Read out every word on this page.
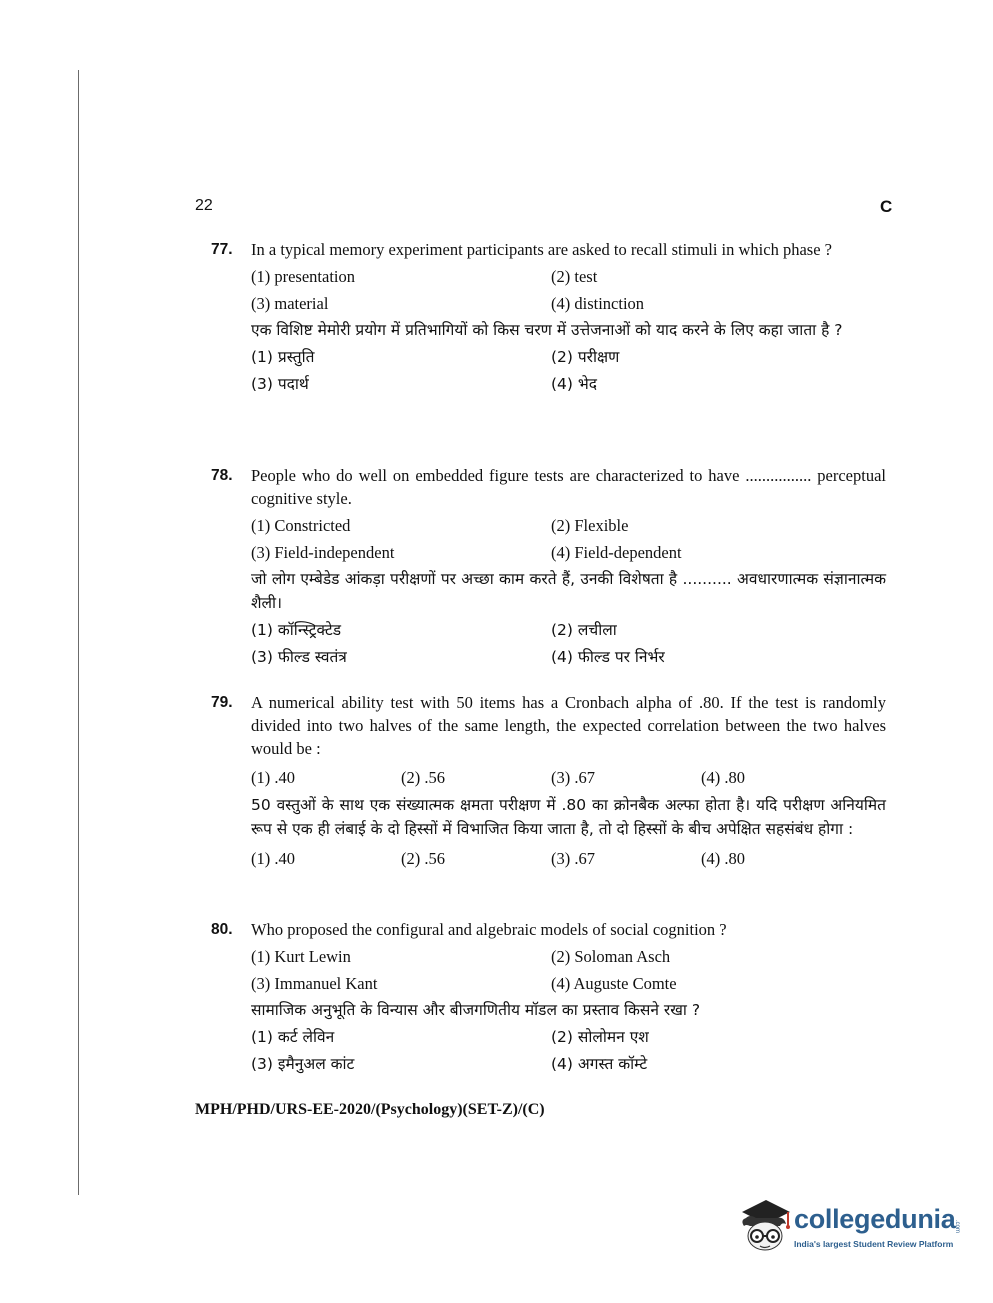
22	C
77. In a typical memory experiment participants are asked to recall stimuli in which phase ?
(1) presentation	(2) test
(3) material	(4) distinction
एक विशिष्ट मेमोरी प्रयोग में प्रतिभागियों को किस चरण में उत्तेजनाओं को याद करने के लिए कहा जाता है ?
(1) प्रस्तुति	(2) परीक्षण
(3) पदार्थ	(4) भेद
78. People who do well on embedded figure tests are characterized to have ................ perceptual cognitive style.
(1) Constricted	(2) Flexible
(3) Field-independent	(4) Field-dependent
जो लोग एम्बेडेड आंकड़ा परीक्षणों पर अच्छा काम करते हैं, उनकी विशेषता है .......... अवधारणात्मक संज्ञानात्मक शैली।
(1) कॉन्स्ट्रिक्टेड	(2) लचीला
(3) फील्ड स्वतंत्र	(4) फील्ड पर निर्भर
79. A numerical ability test with 50 items has a Cronbach alpha of .80. If the test is randomly divided into two halves of the same length, the expected correlation between the two halves would be :
(1) .40	(2) .56	(3) .67	(4) .80
50 वस्तुओं के साथ एक संख्यात्मक क्षमता परीक्षण में .80 का क्रोनबैक अल्फा होता है। यदि परीक्षण अनियमित रूप से एक ही लंबाई के दो हिस्सों में विभाजित किया जाता है, तो दो हिस्सों के बीच अपेक्षित सहसंबंध होगा :
(1) .40	(2) .56	(3) .67	(4) .80
80. Who proposed the configural and algebraic models of social cognition ?
(1) Kurt Lewin	(2) Soloman Asch
(3) Immanuel Kant	(4) Auguste Comte
सामाजिक अनुभूति के विन्यास और बीजगणितीय मॉडल का प्रस्ताव किसने रखा ?
(1) कर्ट लेविन	(2) सोलोमन एश
(3) इमैनुअल कांट	(4) अगस्त कॉम्टे
MPH/PHD/URS-EE-2020/(Psychology)(SET-Z)/(C)
collegedunia
.com
India's largest Student Review Platform
